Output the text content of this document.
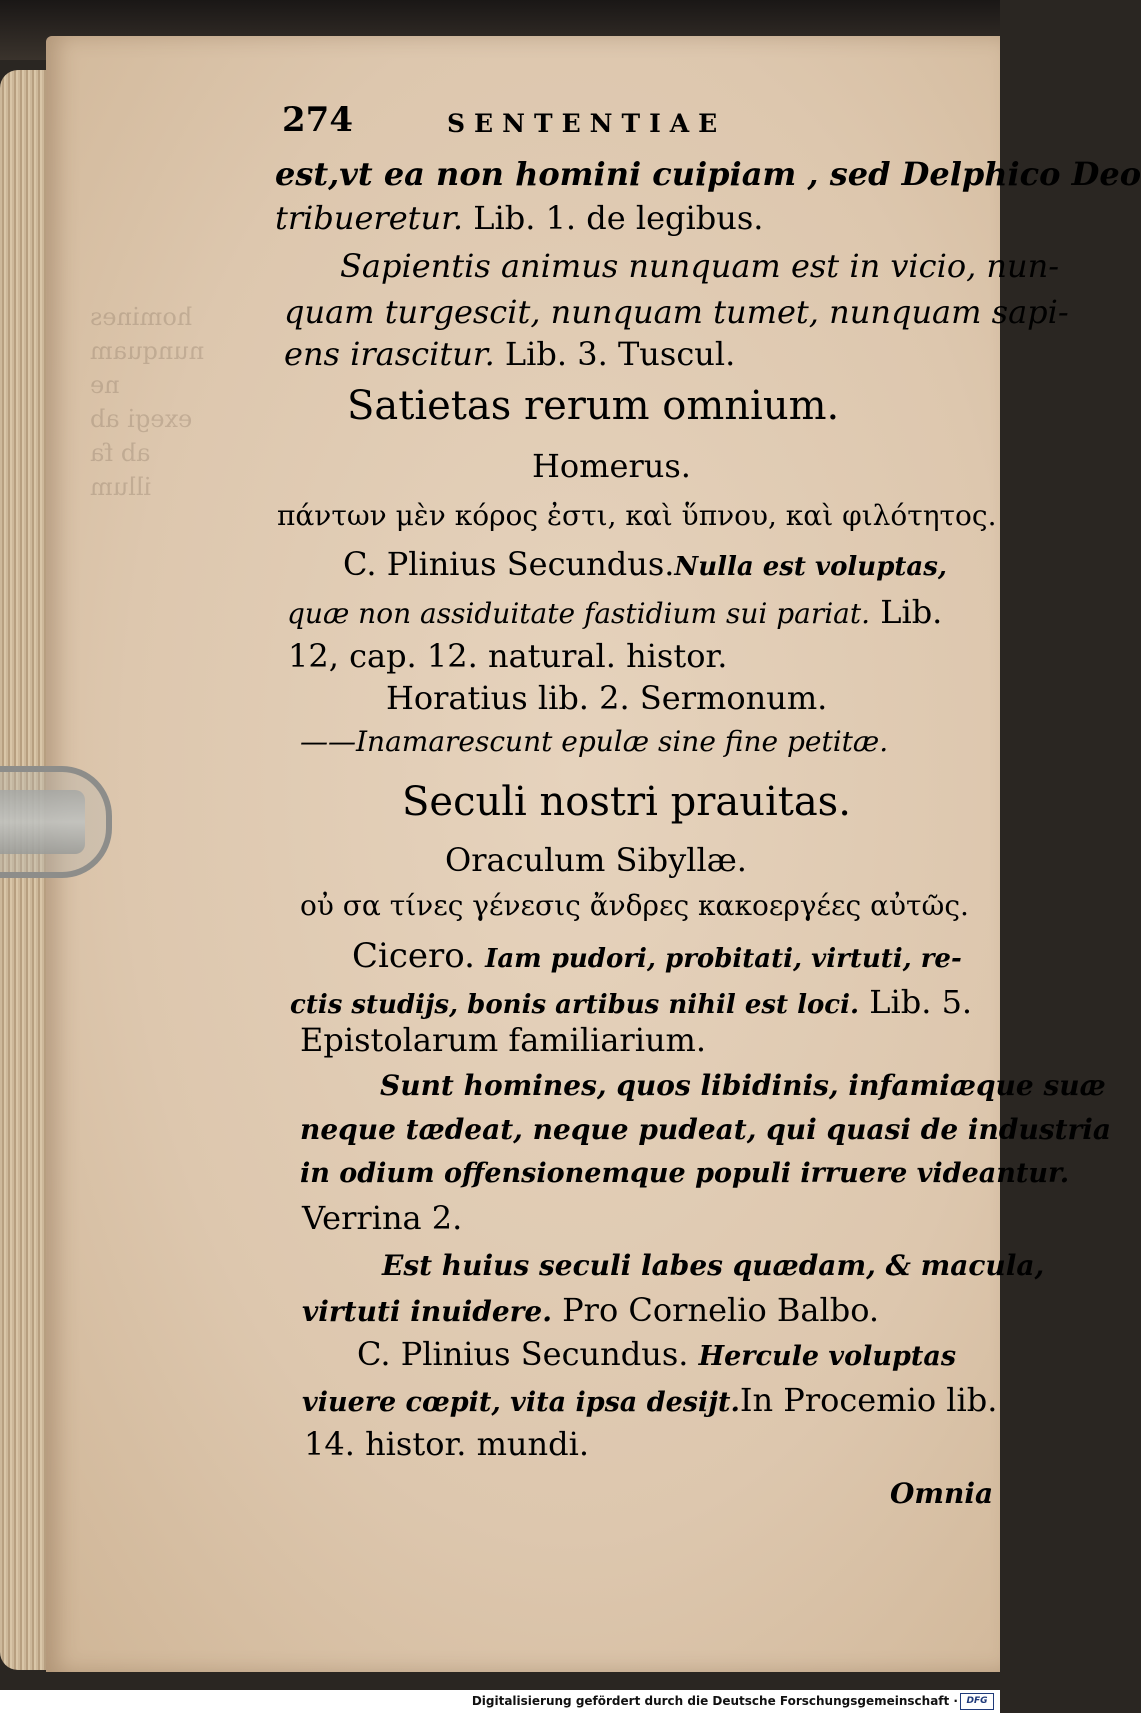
homines
nunquam ne
exegi ab
ab fa
illum
274	SENTENTIAE
est,vt ea non homini cuipiam , sed Delphico Deo
tribueretur. Lib. 1. de legibus.
Sapientis animus nunquam est in vicio, nun-
quam turgescit, nunquam tumet, nunquam sapi-
ens irascitur. Lib. 3. Tuscul.
Satietas rerum omnium.
Homerus.
πάντων μὲν κόρος ἐστι, καὶ ὕπνου, καὶ φιλότητος.
C. Plinius Secundus.Nulla est voluptas,
quæ non assiduitate fastidium sui pariat. Lib.
12, cap. 12. natural. histor.
Horatius lib. 2. Sermonum.
——Inamarescunt epulæ sine fine petitæ.
Seculi nostri prauitas.
Oraculum Sibyllæ.
οὐ σα τίνες γένεσις ἄνδρες κακοεργέες αὐτῶς.
Cicero. Iam pudori, probitati, virtuti, re-
ctis studijs, bonis artibus nihil est loci. Lib. 5.
Epistolarum familiarium.
Sunt homines, quos libidinis, infamiæque suæ
neque tædeat, neque pudeat, qui quasi de industria
in odium offensionemque populi irruere videantur.
Verrina 2.
Est huius seculi labes quædam, & macula,
virtuti inuidere. Pro Cornelio Balbo.
C. Plinius Secundus. Hercule voluptas
viuere cœpit, vita ipsa desijt.In Procemio lib.
14. histor. mundi.
Omnia
Digitalisierung gefördert durch die Deutsche Forschungsgemeinschaft · DFG
